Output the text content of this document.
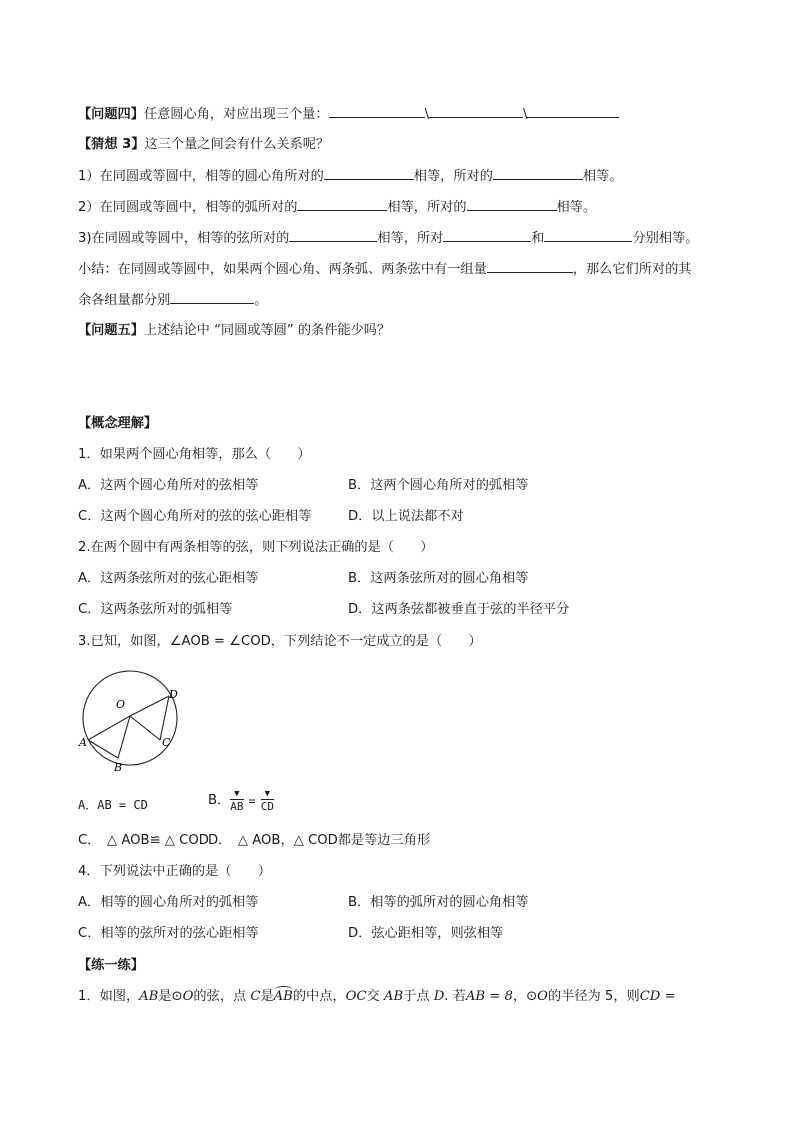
【问题四】任意圆心角，对应出现三个量：	\	\
【猜想 3】这三个量之间会有什么关系呢？
1）在同圆或等圆中，相等的圆心角所对的	相等，所对的	相等。
2）在同圆或等圆中，相等的弧所对的	相等，所对的	相等。
3)在同圆或等圆中，相等的弦所对的	相等，所对	和	分别相等。
小结：在同圆或等圆中，如果两个圆心角、两条弧、两条弦中有一组量	，那么它们所对的其
余各组量都分别	。
【问题五】上述结论中 “同圆或等圆” 的条件能少吗？
【概念理解】
1．如果两个圆心角相等，那么（　　）
A．这两个圆心角所对的弦相等	B．这两个圆心角所对的弧相等
C．这两个圆心角所对的弦的弦心距相等	D．以上说法都不对
2.在两个圆中有两条相等的弦，则下列说法正确的是（　　）
A．这两条弦所对的弦心距相等	B．这两条弦所对的圆心角相等
C．这两条弦所对的弧相等	D．这两条弦都被垂直于弦的半径平分
3.已知，如图，∠AOB = ∠COD，下列结论不一定成立的是（　　）
O
A
B
C
D
A．AB = CD	B． ▼
AB = ▼
CD
C．　△ AOB≌ △ COD D．　△ AOB，△ COD都是等边三角形
4．下列说法中正确的是（　　）
A．相等的圆心角所对的弧相等	B．相等的弧所对的圆心角相等
C．相等的弦所对的弦心距相等	D．弦心距相等，则弦相等
【练一练】
1．如图，AB是⊙O的弦，点 C是
AB的中点，OC交 AB于点 D. 若AB = 8，⊙O的半径为 5，则CD =
